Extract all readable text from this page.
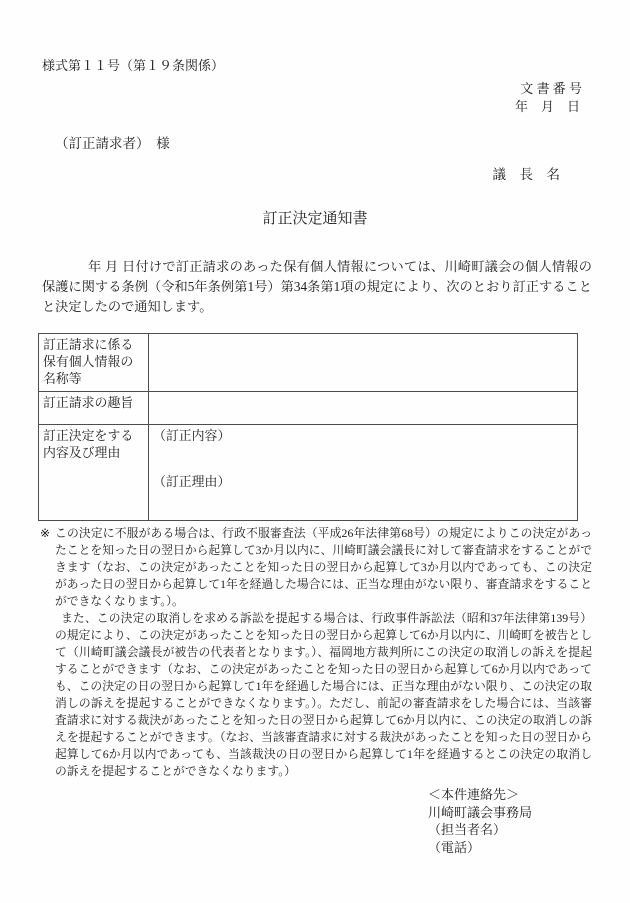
様式第１１号（第１９条関係）
文 書 番 号
年　月　日
（訂正請求者）　様
議　長　名
訂正決定通知書

年 月 日付けで訂正請求のあった保有個人情報については、川崎町議会の個人情報の保護に関する条例（令和5年条例第1号）第34条第1項の規定により、次のとおり訂正することと決定したので通知します。

訂正請求に係る保有個人情報の名称等	
訂正請求の趣旨	
訂正決定をする内容及び理由	（訂正内容）
（訂正理由）

※ この決定に不服がある場合は、行政不服審査法（平成26年法律第68号）の規定によりこの決定があったことを知った日の翌日から起算して3か月以内に、川崎町議会議長に対して審査請求をすることができます（なお、この決定があったことを知った日の翌日から起算して3か月以内であっても、この決定があった日の翌日から起算して1年を経過した場合には、正当な理由がない限り、審査請求をすることができなくなります。）。

また、この決定の取消しを求める訴訟を提起する場合は、行政事件訴訟法（昭和37年法律第139号）の規定により、この決定があったことを知った日の翌日から起算して6か月以内に、川崎町を被告として（川崎町議会議長が被告の代表者となります。）、福岡地方裁判所にこの決定の取消しの訴えを提起することができます（なお、この決定があったことを知った日の翌日から起算して6か月以内であっても、この決定の日の翌日から起算して1年を経過した場合には、正当な理由がない限り、この決定の取消しの訴えを提起することができなくなります。）。ただし、前記の審査請求をした場合には、当該審査請求に対する裁決があったことを知った日の翌日から起算して6か月以内に、この決定の取消しの訴えを提起することができます。（なお、当該審査請求に対する裁決があったことを知った日の翌日から起算して6か月以内であっても、当該裁決の日の翌日から起算して1年を経過するとこの決定の取消しの訴えを提起することができなくなります。）

＜本件連絡先＞
川崎町議会事務局
（担当者名）
（電話）
